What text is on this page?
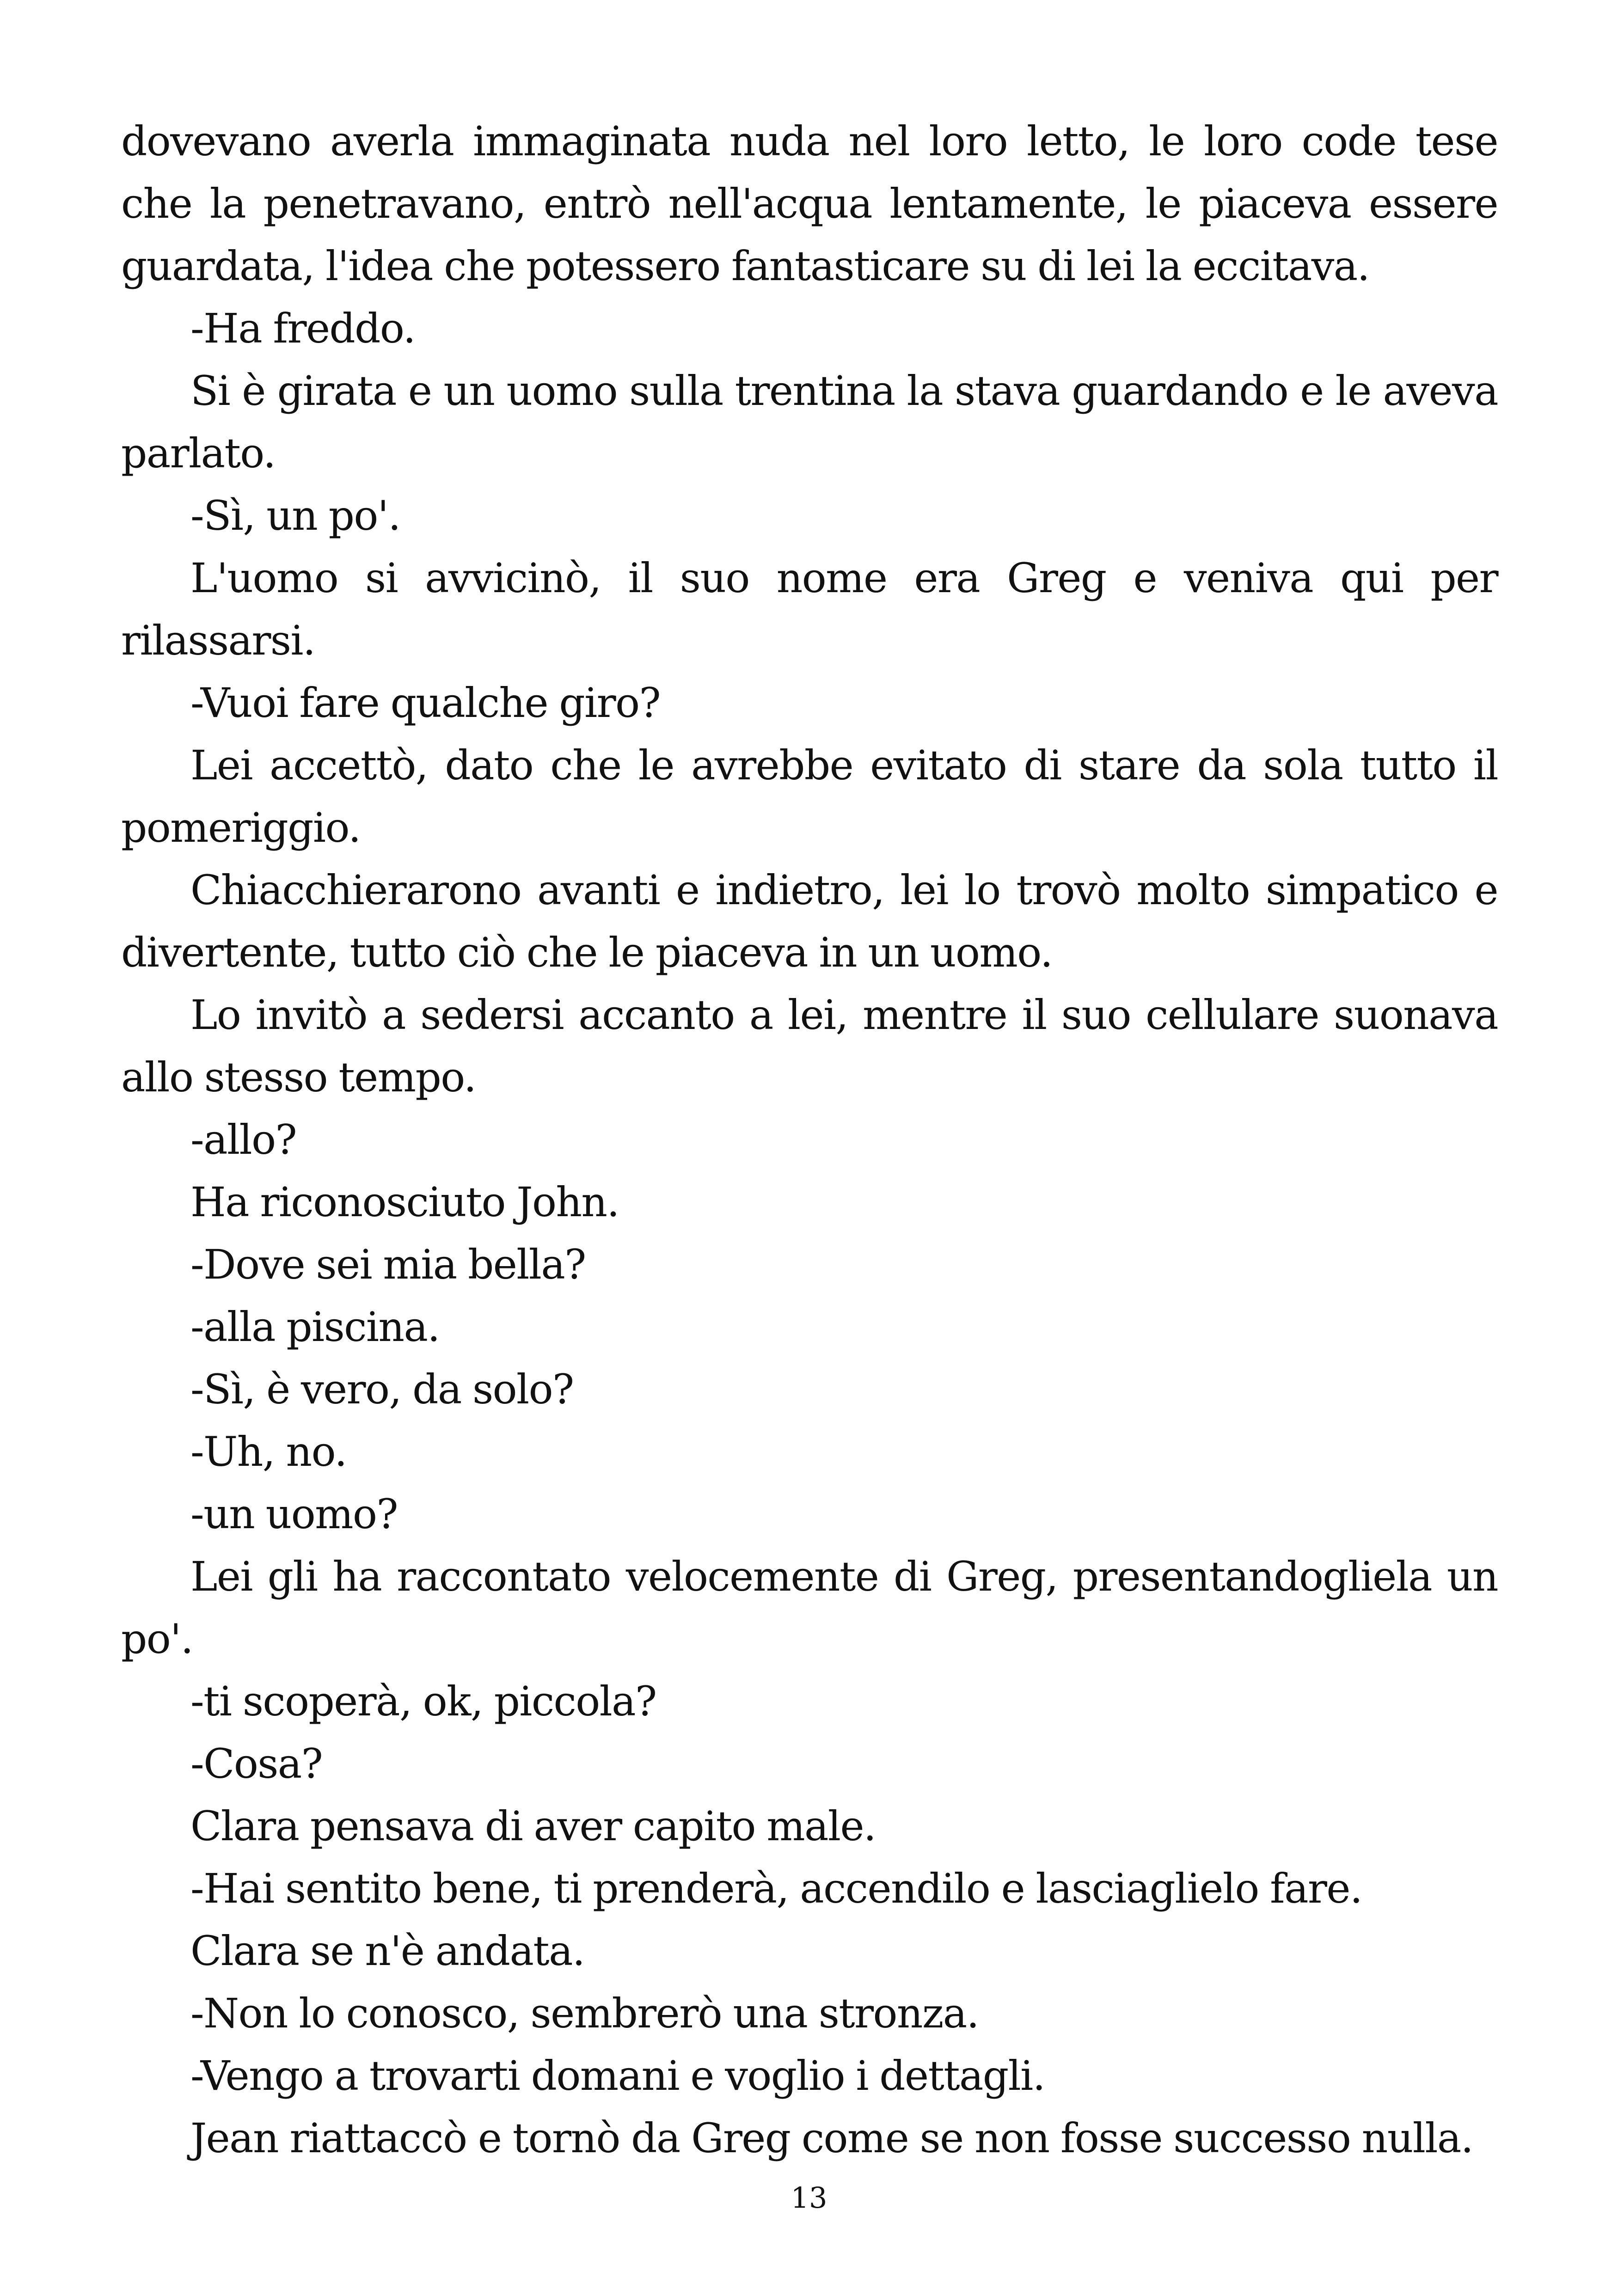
dovevano averla immaginata nuda nel loro letto, le loro code tese che la penetravano, entrò nell'acqua lentamente, le piaceva essere guardata, l'idea che potessero fantasticare su di lei la eccitava.

-Ha freddo.

Si è girata e un uomo sulla trentina la stava guardando e le aveva parlato.

-Sì, un po'.

L'uomo si avvicinò, il suo nome era Greg e veniva qui per rilassarsi.

-Vuoi fare qualche giro?

Lei accettò, dato che le avrebbe evitato di stare da sola tutto il pomeriggio.

Chiacchierarono avanti e indietro, lei lo trovò molto simpatico e divertente, tutto ciò che le piaceva in un uomo.

Lo invitò a sedersi accanto a lei, mentre il suo cellulare suonava allo stesso tempo.

-allo?

Ha riconosciuto John.

-Dove sei mia bella?

-alla piscina.

-Sì, è vero, da solo?

-Uh, no.

-un uomo?

Lei gli ha raccontato velocemente di Greg, presentandogliela un po'.

-ti scoperà, ok, piccola?

-Cosa?

Clara pensava di aver capito male.

-Hai sentito bene, ti prenderà, accendilo e lasciaglielo fare.

Clara se n'è andata.

-Non lo conosco, sembrerò una stronza.

-Vengo a trovarti domani e voglio i dettagli.

Jean riattaccò e tornò da Greg come se non fosse successo nulla.

13
